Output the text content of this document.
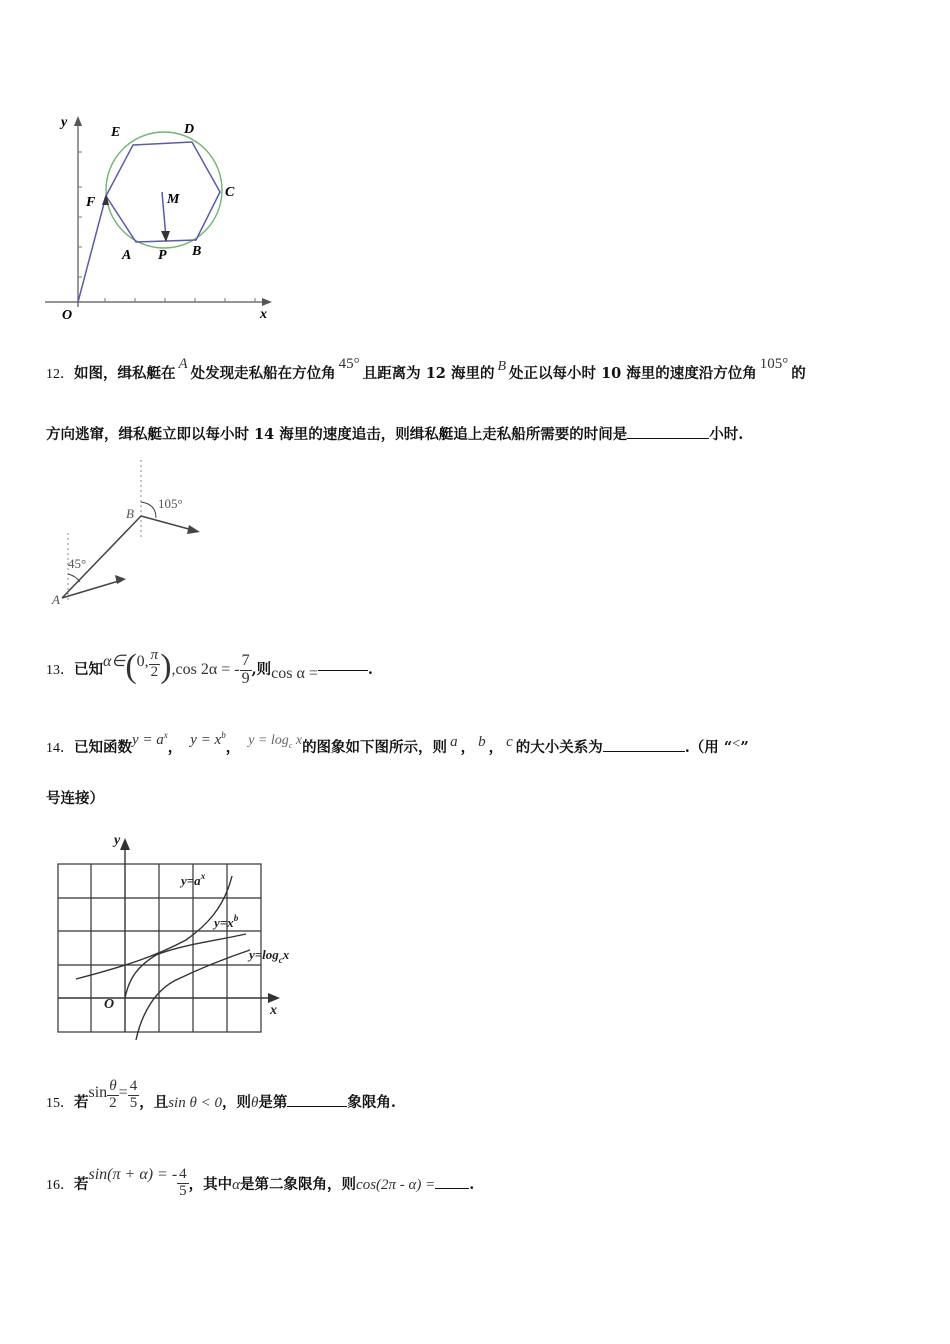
y
x
O
E	D
C
F	M
A P B
12．如图，缉私艇在A处发现走私船在方位角45°且距离为 12 海里的 B 处正以每小时 10 海里的速度沿方位角105°的
方向逃窜，缉私艇立即以每小时 14 海里的速度追击，则缉私艇追上走私船所需要的时间是	小时.
A
B
45°
105°
13．已知α∈(0, $\frac{\pi}{2} ),\cos$ 2α = - $\frac{7}{9}$ ,则cos α =	.
14．已知函数$y = a^x$， $y = x^b$， $y = \log_c x$的图象如下图所示，则 a ， b ， c 的大小关系为	.（用 “<”
号连接）
y
x
O
$y=a^x$
$y=x^b$
$y=\log_cx$
15．若$\sin \frac{\theta}{2} = \frac{4}{5}$ ，且sin θ < 0，则θ是第	象限角.
16．若sin(π + α) = - $\frac{4}{5}$ ，其中α是第二象限角，则cos(2π - α) = .
